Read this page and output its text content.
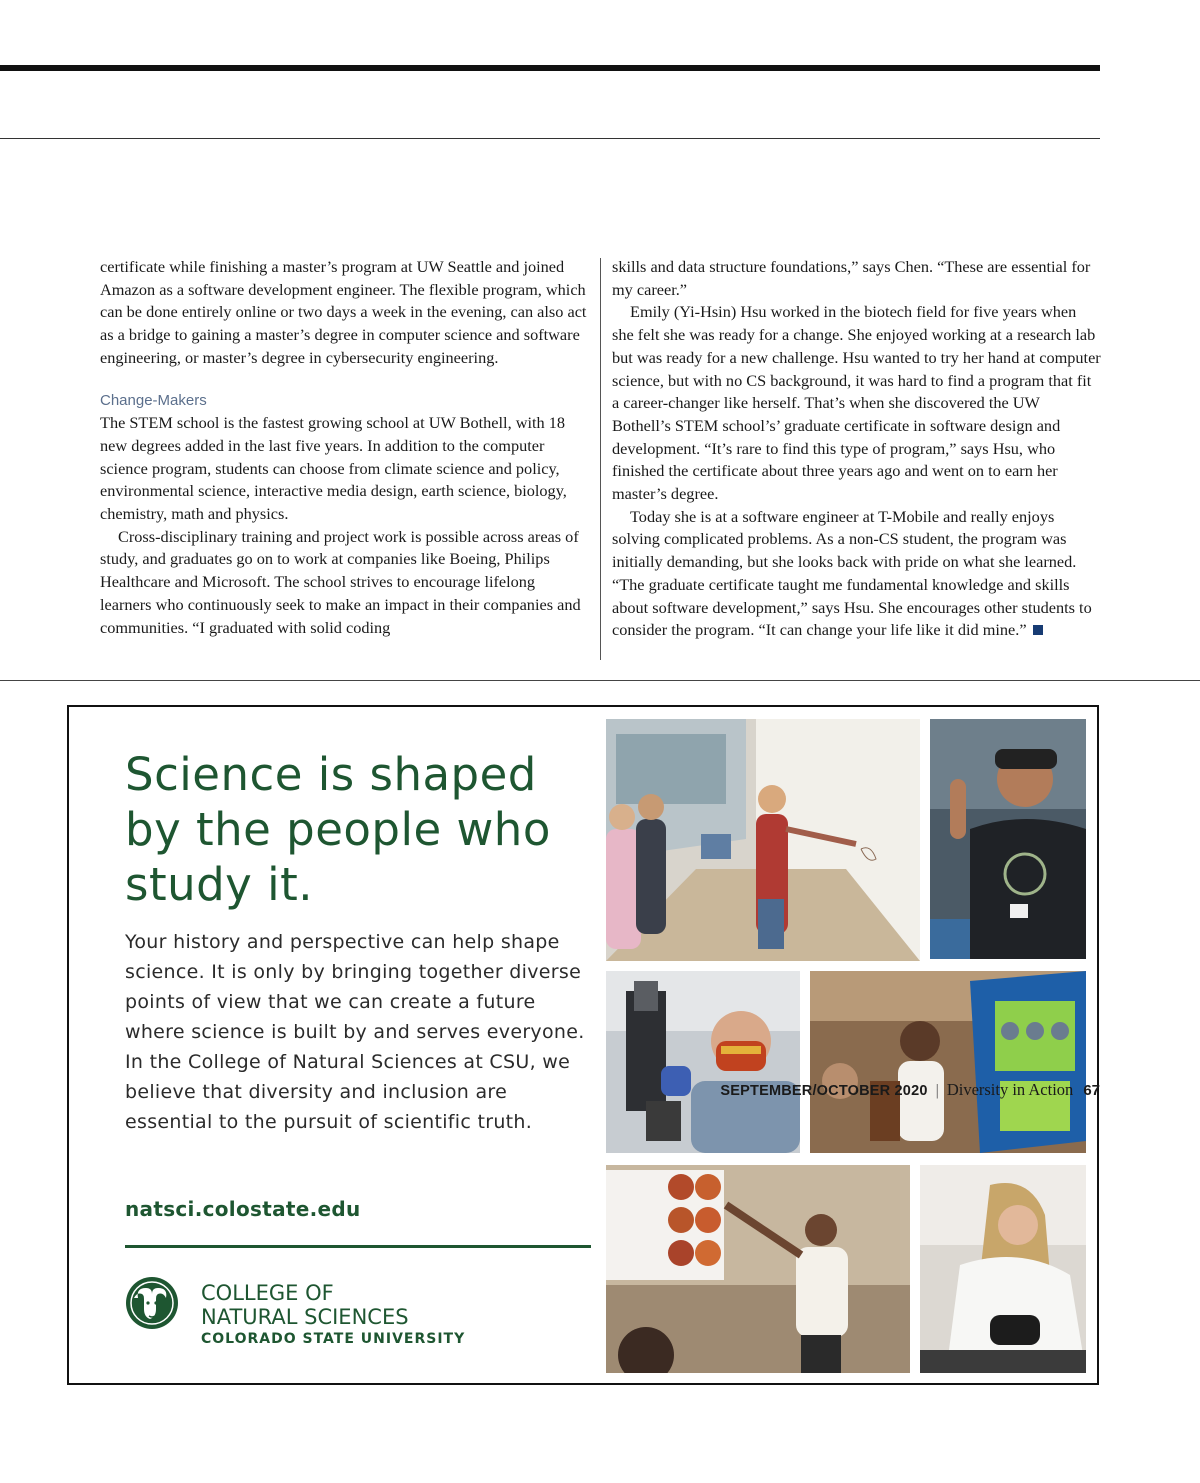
certificate while finishing a master’s program at UW Seattle and joined Amazon as a software development engineer. The flexible program, which can be done entirely online or two days a week in the evening, can also act as a bridge to gaining a master’s degree in computer science and software engineering, or master’s degree in cybersecurity engineering.

Change-Makers

The STEM school is the fastest growing school at UW Bothell, with 18 new degrees added in the last five years. In addition to the computer science program, students can choose from climate science and policy, environmental science, interactive media design, earth science, biology, chemistry, math and physics.

Cross-disciplinary training and project work is possible across areas of study, and graduates go on to work at companies like Boeing, Philips Healthcare and Microsoft. The school strives to encourage lifelong learners who continuously seek to make an impact in their companies and communities. “I graduated with solid coding

skills and data structure foundations,” says Chen. “These are essential for my career.”

Emily (Yi-Hsin) Hsu worked in the biotech field for five years when she felt she was ready for a change. She enjoyed working at a research lab but was ready for a new challenge. Hsu wanted to try her hand at computer science, but with no CS background, it was hard to find a program that fit a career-changer like herself. That’s when she discovered the UW Bothell’s STEM school’s’ graduate certificate in software design and development. “It’s rare to find this type of program,” says Hsu, who finished the certificate about three years ago and went on to earn her master’s degree.

Today she is at a software engineer at T-Mobile and really enjoys solving complicated problems. As a non-CS student, the program was initially demanding, but she looks back with pride on what she learned. “The graduate certificate taught me fundamental knowledge and skills about software development,” says Hsu. She encourages other students to consider the program. “It can change your life like it did mine.”

Science is shaped by the people who study it.

Your history and perspective can help shape science. It is only by bringing together diverse points of view that we can create a future where science is built by and serves everyone. In the College of Natural Sciences at CSU, we believe that diversity and inclusion are essential to the pursuit of scientific truth.

natsci.colostate.edu
COLLEGE OF
NATURAL SCIENCES
COLORADO STATE UNIVERSITY
SEPTEMBER/OCTOBER 2020 | Diversity in Action 67
